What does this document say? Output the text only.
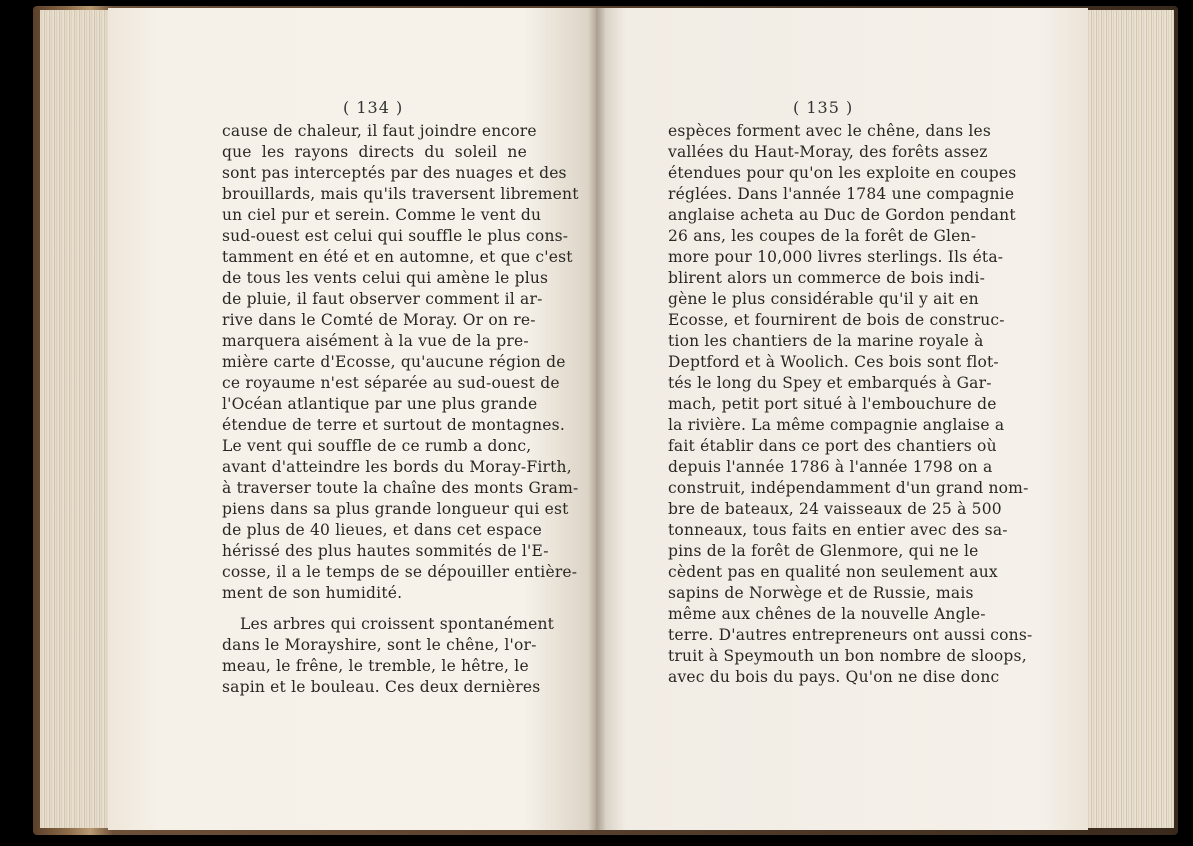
( 134 )	( 135 )
cause de chaleur, il faut joindre encore
que les rayons directs du soleil ne
sont pas interceptés par des nuages et des
brouillards, mais qu'ils traversent librement
un ciel pur et serein. Comme le vent du
sud-ouest est celui qui souffle le plus cons-
tamment en été et en automne, et que c'est
de tous les vents celui qui amène le plus
de pluie, il faut observer comment il ar-
rive dans le Comté de Moray. Or on re-
marquera aisément à la vue de la pre-
mière carte d'Ecosse, qu'aucune région de
ce royaume n'est séparée au sud-ouest de
l'Océan atlantique par une plus grande
étendue de terre et surtout de montagnes.
Le vent qui souffle de ce rumb a donc,
avant d'atteindre les bords du Moray-Firth,
à traverser toute la chaîne des monts Gram-
piens dans sa plus grande longueur qui est
de plus de 40 lieues, et dans cet espace
hérissé des plus hautes sommités de l'E-
cosse, il a le temps de se dépouiller entière-
ment de son humidité.
Les arbres qui croissent spontanément
dans le Morayshire, sont le chêne, l'or-
meau, le frêne, le tremble, le hêtre, le
sapin et le bouleau. Ces deux dernières
espèces forment avec le chêne, dans les
vallées du Haut-Moray, des forêts assez
étendues pour qu'on les exploite en coupes
réglées. Dans l'année 1784 une compagnie
anglaise acheta au Duc de Gordon pendant
26 ans, les coupes de la forêt de Glen-
more pour 10,000 livres sterlings. Ils éta-
blirent alors un commerce de bois indi-
gène le plus considérable qu'il y ait en
Ecosse, et fournirent de bois de construc-
tion les chantiers de la marine royale à
Deptford et à Woolich. Ces bois sont flot-
tés le long du Spey et embarqués à Gar-
mach, petit port situé à l'embouchure de
la rivière. La même compagnie anglaise a
fait établir dans ce port des chantiers où
depuis l'année 1786 à l'année 1798 on a
construit, indépendamment d'un grand nom-
bre de bateaux, 24 vaisseaux de 25 à 500
tonneaux, tous faits en entier avec des sa-
pins de la forêt de Glenmore, qui ne le
cèdent pas en qualité non seulement aux
sapins de Norwège et de Russie, mais
même aux chênes de la nouvelle Angle-
terre. D'autres entrepreneurs ont aussi cons-
truit à Speymouth un bon nombre de sloops,
avec du bois du pays. Qu'on ne dise donc
